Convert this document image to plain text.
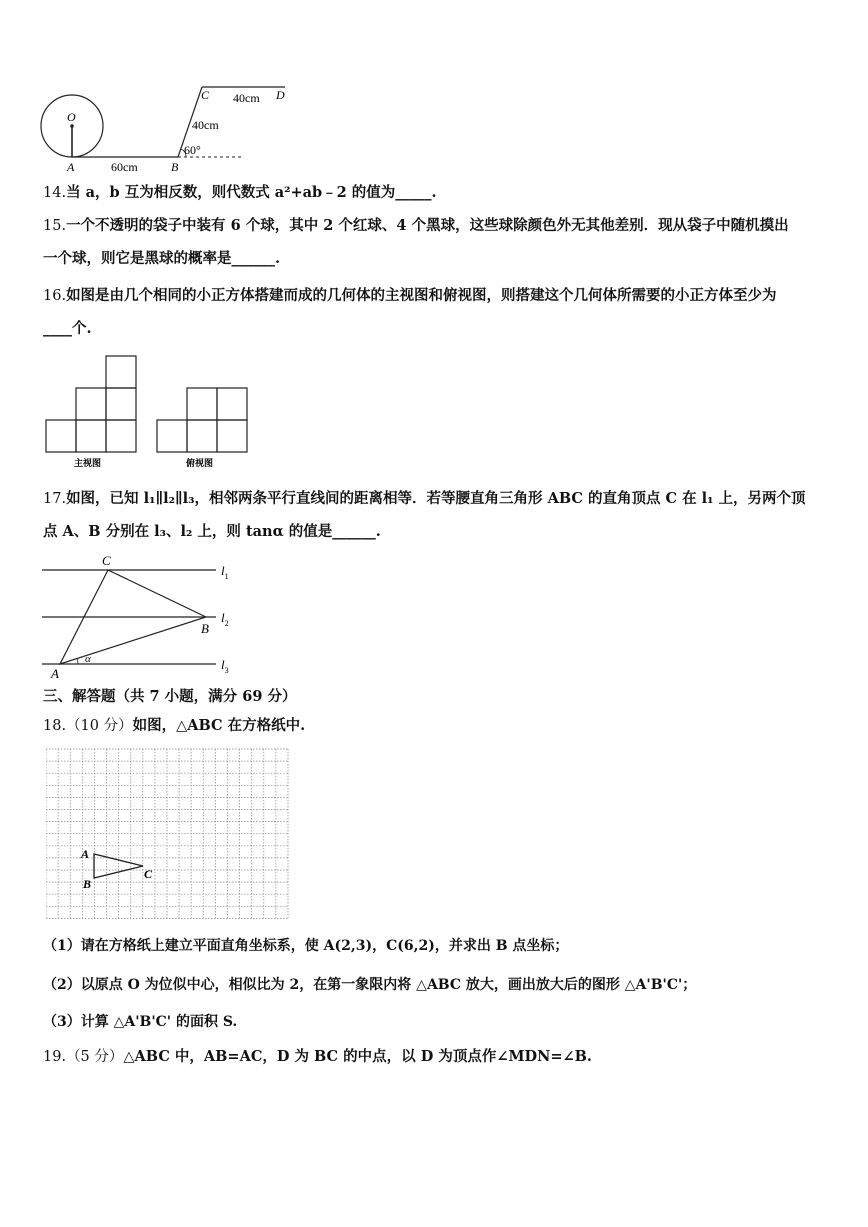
O
A	B
C	D
60cm
40cm
40cm
60°
14.当 a，b 互为相反数，则代数式 a²+ab﹣2 的值为_____.
15.一个不透明的袋子中装有 6 个球，其中 2 个红球、4 个黑球，这些球除颜色外无其他差别．现从袋子中随机摸出
一个球，则它是黑球的概率是______.
16.如图是由几个相同的小正方体搭建而成的几何体的主视图和俯视图，则搭建这个几何体所需要的小正方体至少为
____个.
主视图	俯视图
17.如图，已知 l₁∥l₂∥l₃，相邻两条平行直线间的距离相等．若等腰直角三角形 ABC 的直角顶点 C 在 l₁ 上，另两个顶
点 A、B 分别在 l₃、l₂ 上，则 tanα 的值是______.
C
B
A
α
$l_1$
$l_2$
$l_3$
三、解答题（共 7 小题，满分 69 分）
18.（10 分）如图，△ABC 在方格纸中.
A
B
C
（1）请在方格纸上建立平面直角坐标系，使 A(2,3)，C(6,2)，并求出 B 点坐标；
（2）以原点 O 为位似中心，相似比为 2，在第一象限内将 △ABC 放大，画出放大后的图形 △A'B'C'；
（3）计算 △A'B'C' 的面积 S.
19.（5 分）△ABC 中，AB=AC，D 为 BC 的中点，以 D 为顶点作∠MDN=∠B.
